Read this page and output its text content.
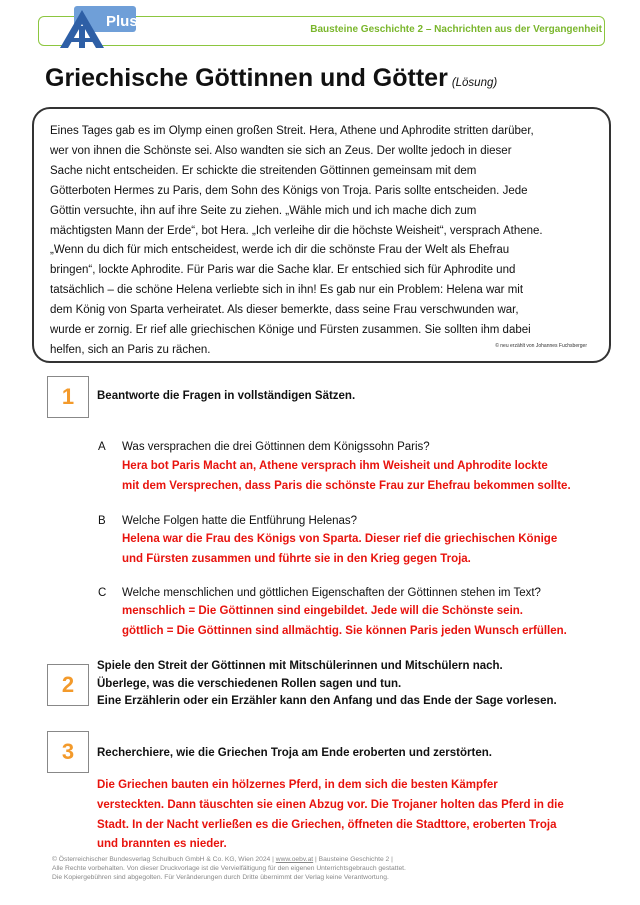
Plus	Bausteine Geschichte 2 – Nachrichten aus der Vergangenheit
Griechische Göttinnen und Götter (Lösung)
Eines Tages gab es im Olymp einen großen Streit. Hera, Athene und Aphrodite stritten darüber,
wer von ihnen die Schönste sei. Also wandten sie sich an Zeus. Der wollte jedoch in dieser
Sache nicht entscheiden. Er schickte die streitenden Göttinnen gemeinsam mit dem
Götterboten Hermes zu Paris, dem Sohn des Königs von Troja. Paris sollte entscheiden. Jede
Göttin versuchte, ihn auf ihre Seite zu ziehen. „Wähle mich und ich mache dich zum
mächtigsten Mann der Erde“, bot Hera. „Ich verleihe dir die höchste Weisheit“, versprach Athene.
„Wenn du dich für mich entscheidest, werde ich dir die schönste Frau der Welt als Ehefrau
bringen“, lockte Aphrodite. Für Paris war die Sache klar. Er entschied sich für Aphrodite und
tatsächlich – die schöne Helena verliebte sich in ihn! Es gab nur ein Problem: Helena war mit
dem König von Sparta verheiratet. Als dieser bemerkte, dass seine Frau verschwunden war,
wurde er zornig. Er rief alle griechischen Könige und Fürsten zusammen. Sie sollten ihm dabei
helfen, sich an Paris zu rächen.	© neu erzählt von Johannes Fuchsberger
1 Beantworte die Fragen in vollständigen Sätzen.
A Was versprachen die drei Göttinnen dem Königssohn Paris?
Hera bot Paris Macht an, Athene versprach ihm Weisheit und Aphrodite lockte
mit dem Versprechen, dass Paris die schönste Frau zur Ehefrau bekommen sollte.
B Welche Folgen hatte die Entführung Helenas?
Helena war die Frau des Königs von Sparta. Dieser rief die griechischen Könige
und Fürsten zusammen und führte sie in den Krieg gegen Troja.
C Welche menschlichen und göttlichen Eigenschaften der Göttinnen stehen im Text?
menschlich = Die Göttinnen sind eingebildet. Jede will die Schönste sein.
göttlich = Die Göttinnen sind allmächtig. Sie können Paris jeden Wunsch erfüllen.
2
Spiele den Streit der Göttinnen mit Mitschülerinnen und Mitschülern nach.
Überlege, was die verschiedenen Rollen sagen und tun.
Eine Erzählerin oder ein Erzähler kann den Anfang und das Ende der Sage vorlesen.
3 Recherchiere, wie die Griechen Troja am Ende eroberten und zerstörten.
Die Griechen bauten ein hölzernes Pferd, in dem sich die besten Kämpfer
versteckten. Dann täuschten sie einen Abzug vor. Die Trojaner holten das Pferd in die
Stadt. In der Nacht verließen es die Griechen, öffneten die Stadttore, eroberten Troja
und brannten es nieder.
© Österreichischer Bundesverlag Schulbuch GmbH & Co. KG, Wien 2024 | www.oebv.at | Bausteine Geschichte 2 |
Alle Rechte vorbehalten. Von dieser Druckvorlage ist die Vervielfältigung für den eigenen Unterrichtsgebrauch gestattet.
Die Kopiergebühren sind abgegolten. Für Veränderungen durch Dritte übernimmt der Verlag keine Verantwortung.
